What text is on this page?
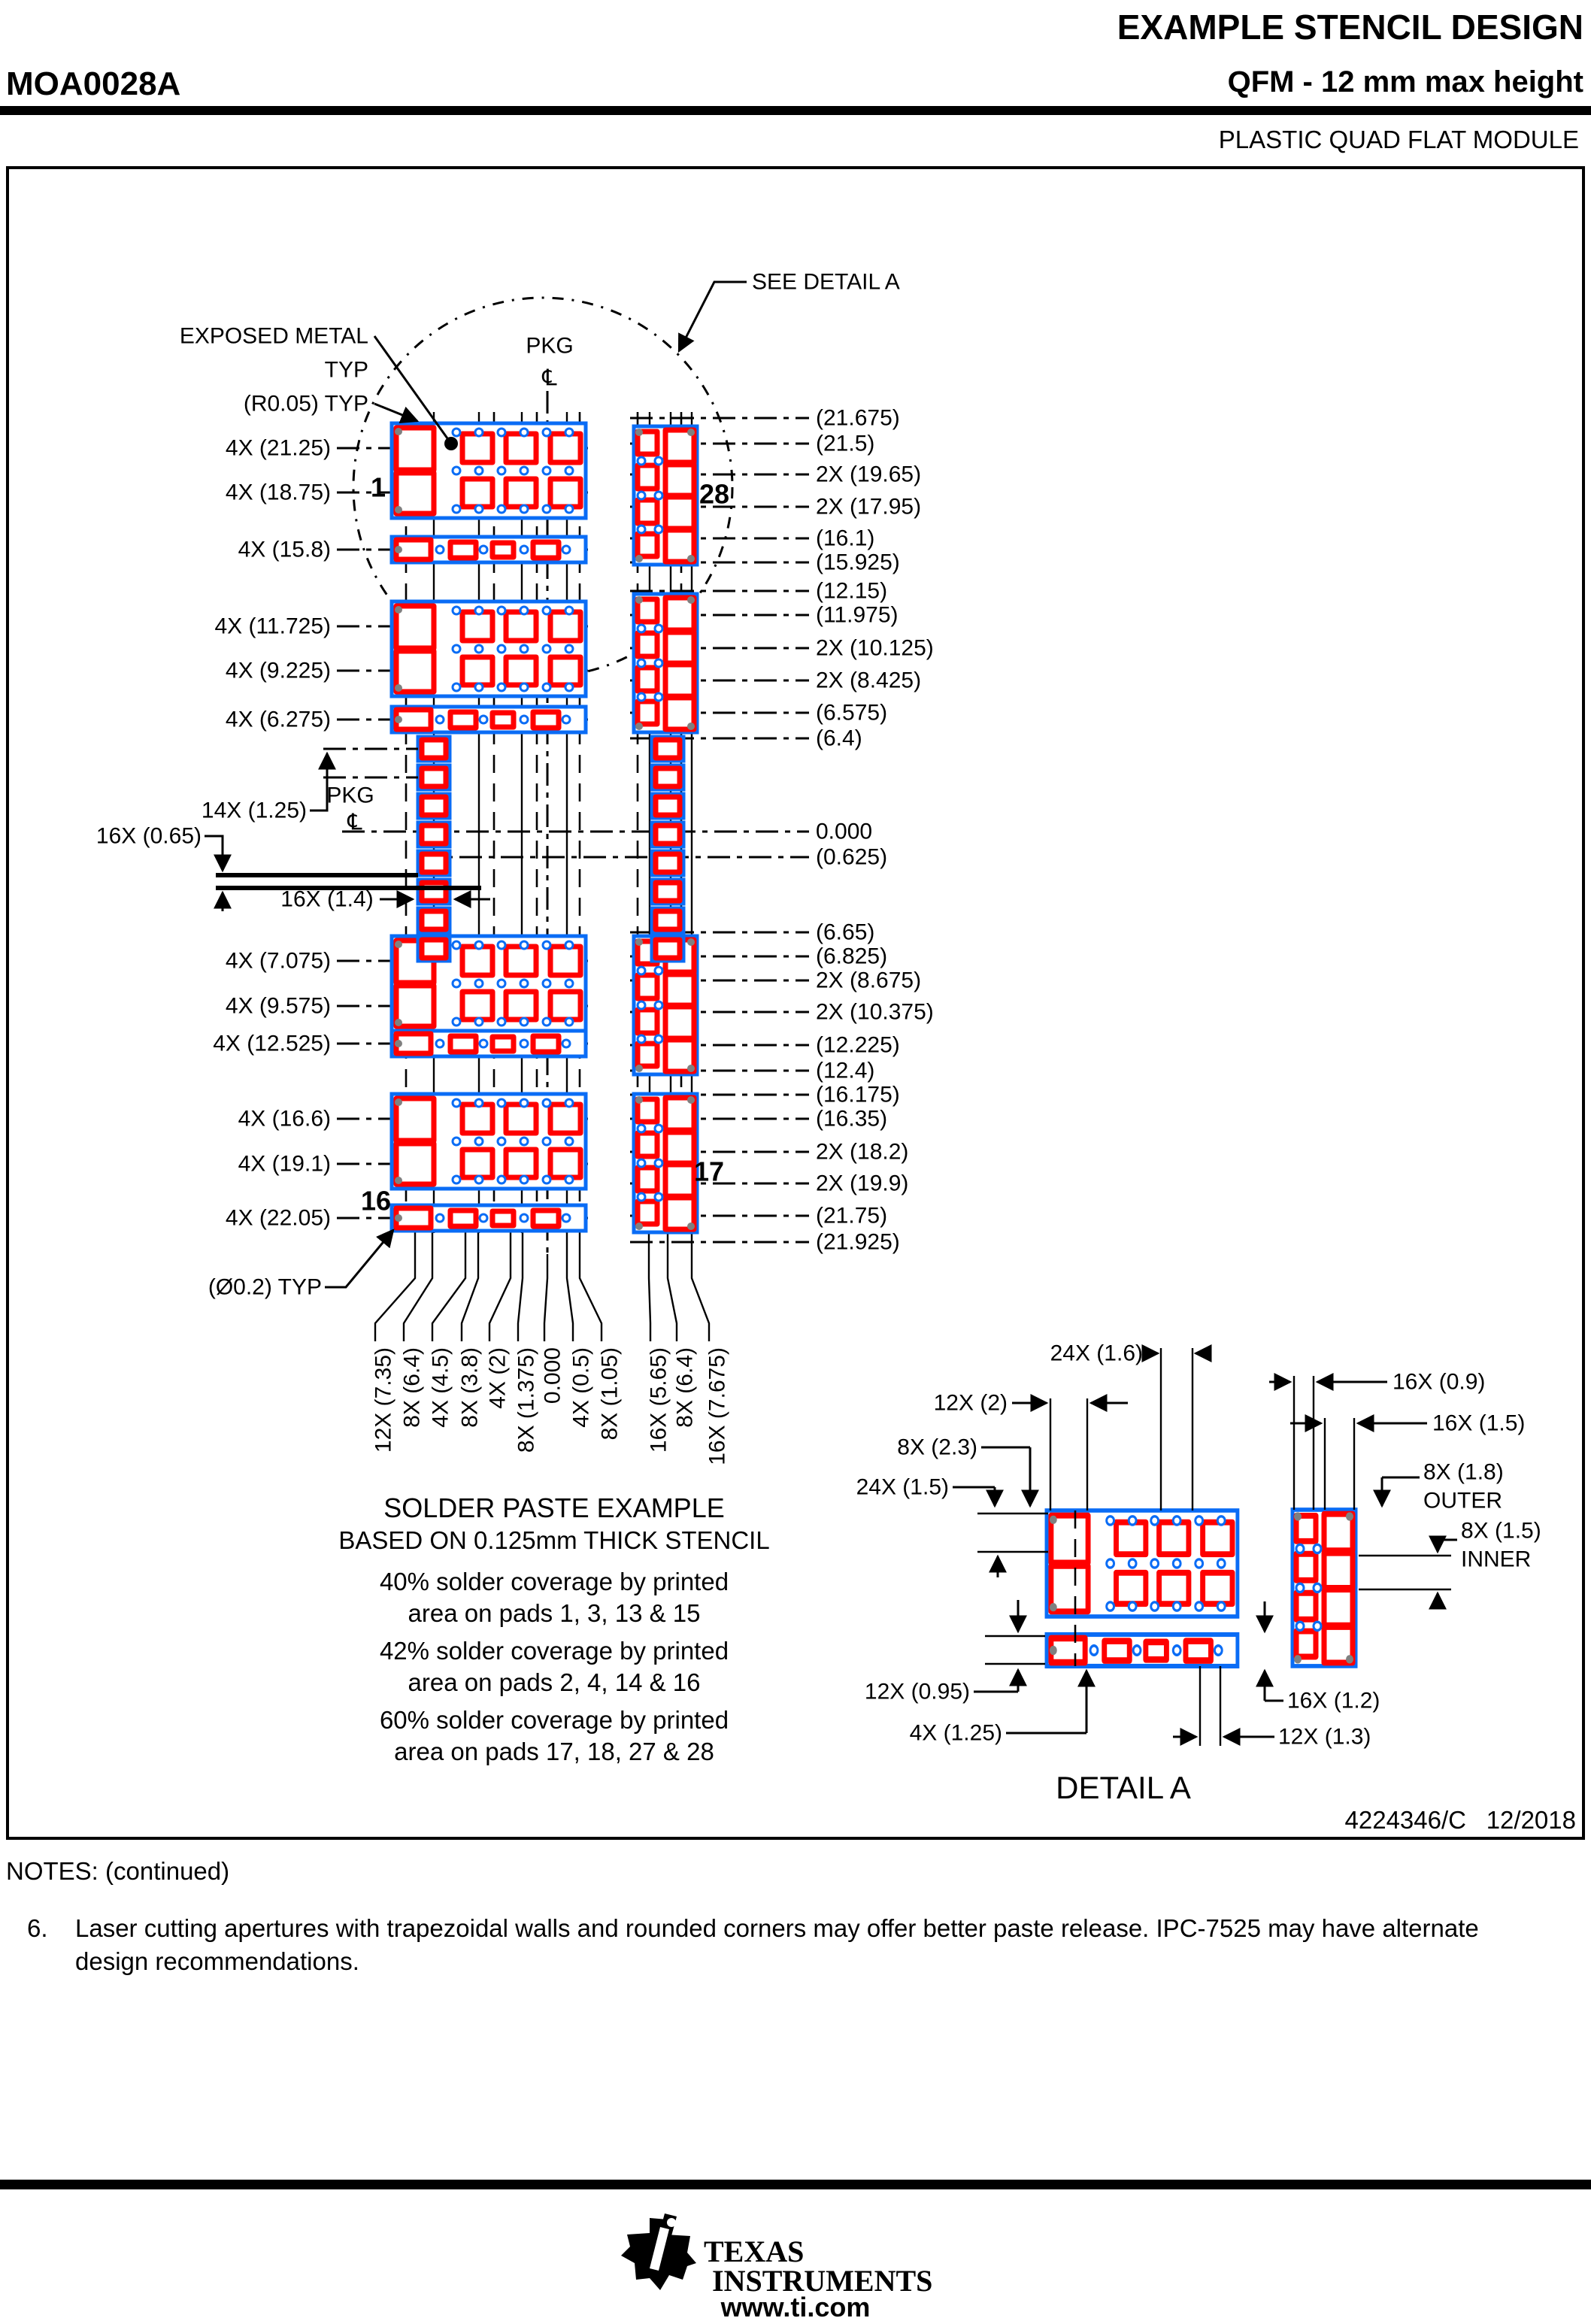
EXAMPLE STENCIL DESIGN
MOA0028A	QFM - 12 mm max height
PLASTIC QUAD FLAT MODULE
SEE DETAIL A
EXPOSED METAL
TYP
(R0.05) TYP
PKG
℄
PKG
℄
(Ø0.2) TYP
1	28
16
17
4X (21.25)
4X (18.75)
4X (15.8)
4X (11.725)
4X (9.225)
4X (6.275)
4X (7.075)
4X (9.575)
4X (12.525)
4X (16.6)
4X (19.1)
4X (22.05)
14X (1.25)
16X (0.65)
16X (1.4)
(21.675)
(21.5)
2X (19.65)
2X (17.95)
(16.1)
(15.925)
(12.15)
(11.975)
2X (10.125)
2X (8.425)
(6.575)
(6.4)
0.000
(0.625)
(6.65)
(6.825)
2X (8.675)
2X (10.375)
(12.225)
(12.4)
(16.175)
(16.35)
2X (18.2)
2X (19.9)
(21.75)
(21.925)
12X (7.35) 8X (6.4) 4X (4.5) 8X (3.8) 4X (2) 8X (1.375) 0.000 4X (0.5) 8X (1.05) 16X (5.65) 8X (6.4) 16X (7.675)
SOLDER PASTE EXAMPLE
BASED ON 0.125mm THICK STENCIL
40% solder coverage by printed
area on pads 1, 3, 13 & 15
42% solder coverage by printed
area on pads 2, 4, 14 & 16
60% solder coverage by printed
area on pads 17, 18, 27 & 28
24X (1.6)
16X (0.9)
12X (2)
16X (1.5)
8X (2.3)
8X (1.8)
OUTER
24X (1.5)
8X (1.5)
INNER
12X (0.95)
4X (1.25)
16X (1.2)
12X (1.3)
DETAIL A
4224346/C 12/2018
NOTES: (continued)
6. Laser cutting apertures with trapezoidal walls and rounded corners may offer better paste release. IPC-7525 may have alternate
design recommendations.
TEXAS
INSTRUMENTS
www.ti.com
